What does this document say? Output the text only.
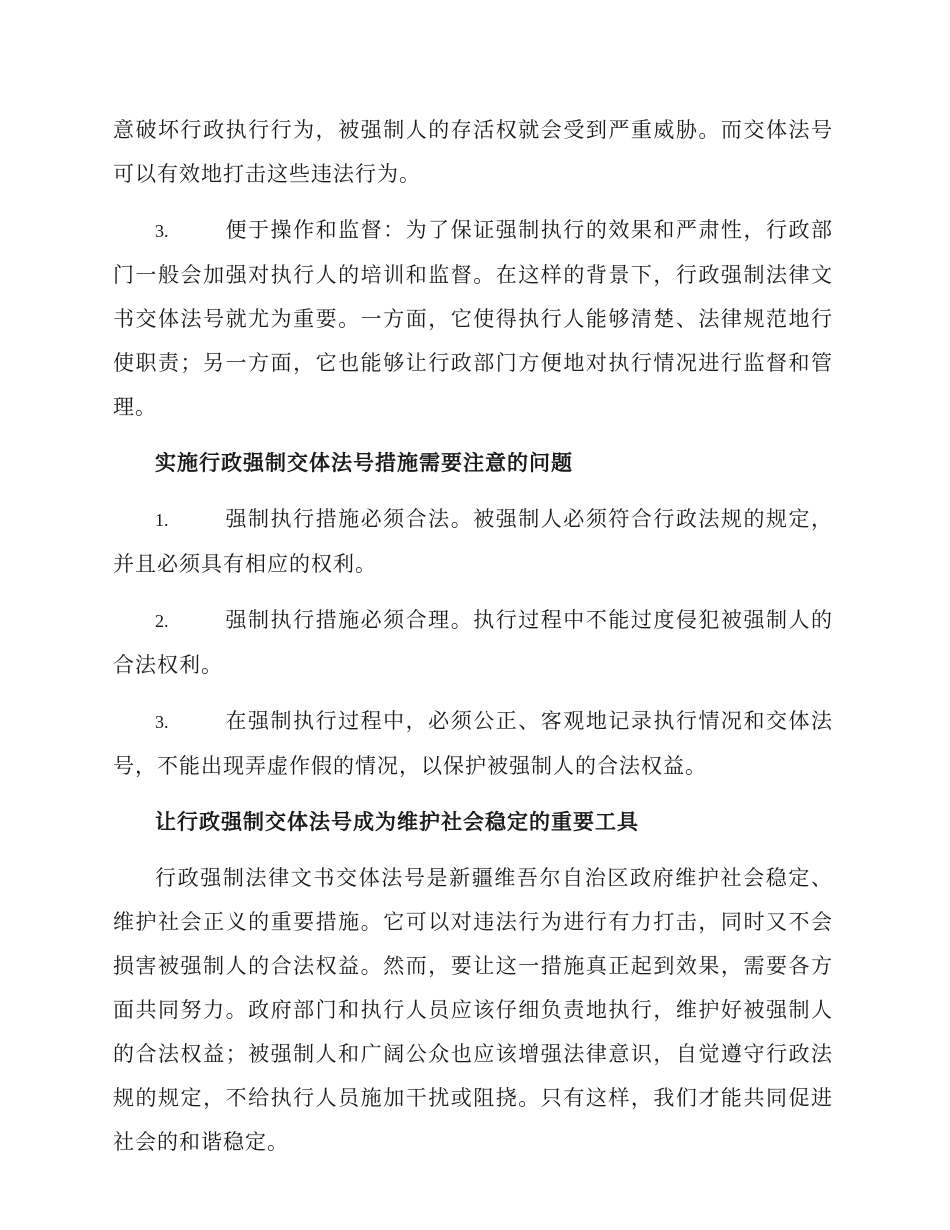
意破坏行政执行行为，被强制人的存活权就会受到严重威胁。而交体法号可以有效地打击这些违法行为。

3.	便于操作和监督：为了保证强制执行的效果和严肃性，行政部门一般会加强对执行人的培训和监督。在这样的背景下，行政强制法律文书交体法号就尤为重要。一方面，它使得执行人能够清楚、法律规范地行使职责；另一方面，它也能够让行政部门方便地对执行情况进行监督和管理。

实施行政强制交体法号措施需要注意的问题

1.	强制执行措施必须合法。被强制人必须符合行政法规的规定，并且必须具有相应的权利。

2.	强制执行措施必须合理。执行过程中不能过度侵犯被强制人的合法权利。

3.	在强制执行过程中，必须公正、客观地记录执行情况和交体法号，不能出现弄虚作假的情况，以保护被强制人的合法权益。

让行政强制交体法号成为维护社会稳定的重要工具

行政强制法律文书交体法号是新疆维吾尔自治区政府维护社会稳定、维护社会正义的重要措施。它可以对违法行为进行有力打击，同时又不会损害被强制人的合法权益。然而，要让这一措施真正起到效果，需要各方面共同努力。政府部门和执行人员应该仔细负责地执行，维护好被强制人的合法权益；被强制人和广阔公众也应该增强法律意识，自觉遵守行政法规的规定，不给执行人员施加干扰或阻挠。只有这样，我们才能共同促进社会的和谐稳定。
